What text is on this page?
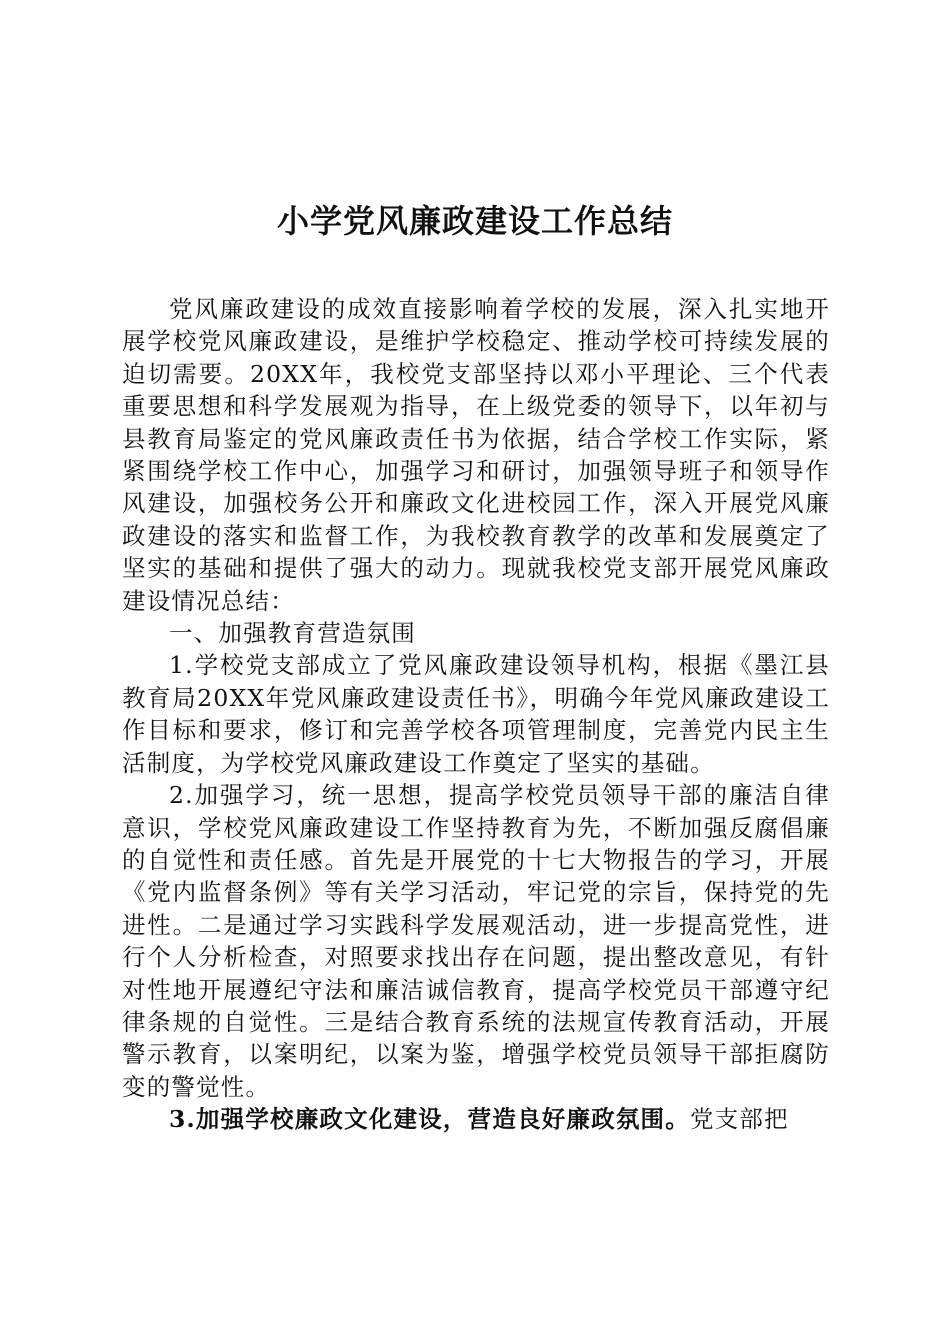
小学党风廉政建设工作总结

党风廉政建设的成效直接影响着学校的发展，深入扎实地开展学校党风廉政建设，是维护学校稳定、推动学校可持续发展的迫切需要。20XX年，我校党支部坚持以邓小平理论、三个代表重要思想和科学发展观为指导，在上级党委的领导下，以年初与县教育局鉴定的党风廉政责任书为依据，结合学校工作实际，紧紧围绕学校工作中心，加强学习和研讨，加强领导班子和领导作风建设，加强校务公开和廉政文化进校园工作，深入开展党风廉政建设的落实和监督工作，为我校教育教学的改革和发展奠定了坚实的基础和提供了强大的动力。现就我校党支部开展党风廉政建设情况总结：

一、加强教育营造氛围

1.学校党支部成立了党风廉政建设领导机构，根据《墨江县教育局20XX年党风廉政建设责任书》，明确今年党风廉政建设工作目标和要求，修订和完善学校各项管理制度，完善党内民主生活制度，为学校党风廉政建设工作奠定了坚实的基础。

2.加强学习，统一思想，提高学校党员领导干部的廉洁自律意识，学校党风廉政建设工作坚持教育为先，不断加强反腐倡廉的自觉性和责任感。首先是开展党的十七大物报告的学习，开展《党内监督条例》等有关学习活动，牢记党的宗旨，保持党的先进性。二是通过学习实践科学发展观活动，进一步提高党性，进行个人分析检查，对照要求找出存在问题，提出整改意见，有针对性地开展遵纪守法和廉洁诚信教育，提高学校党员干部遵守纪律条规的自觉性。三是结合教育系统的法规宣传教育活动，开展警示教育，以案明纪，以案为鉴，增强学校党员领导干部拒腐防变的警觉性。

3.加强学校廉政文化建设，营造良好廉政氛围。党支部把
